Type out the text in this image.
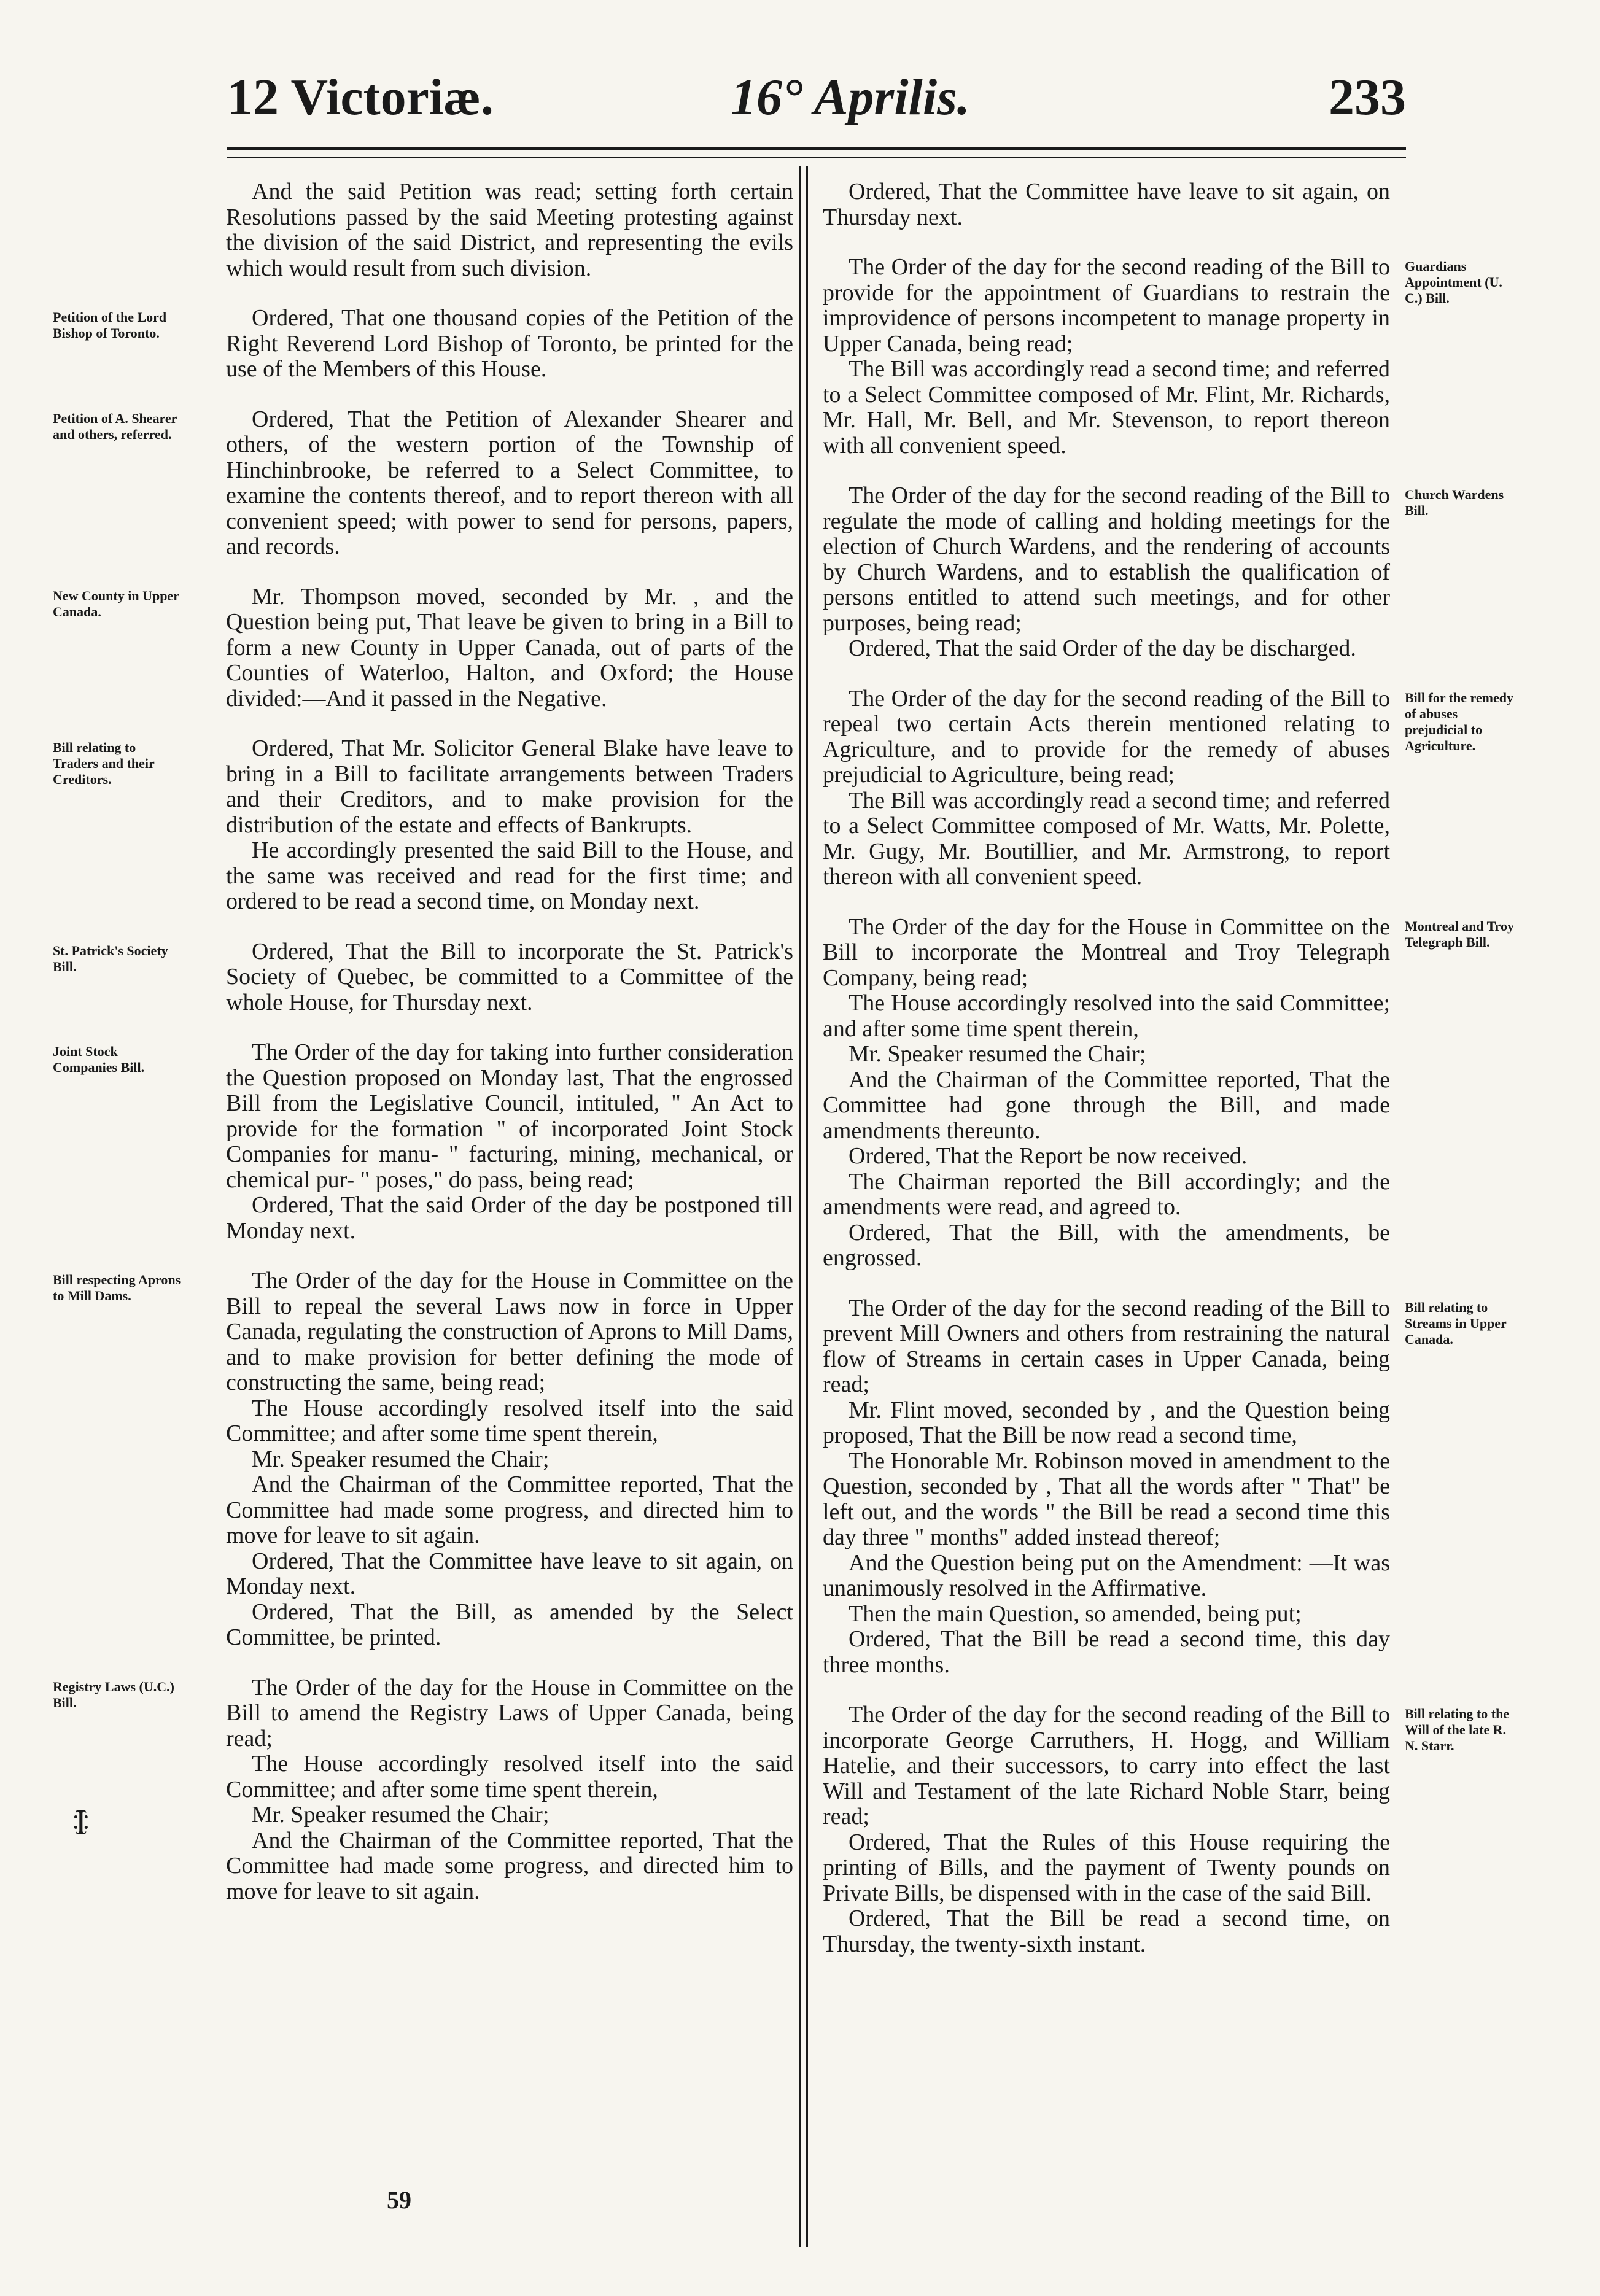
12 Victoriæ.	16° Aprilis.	233
🜌

And the said Petition was read; setting forth certain Resolutions passed by the said Meeting protesting against the division of the said District, and representing the evils which would result from such division.

Petition of the Lord Bishop of Toronto.

Ordered, That one thousand copies of the Petition of the Right Reverend Lord Bishop of Toronto, be printed for the use of the Members of this House.

Petition of A. Shearer and others, referred.

Ordered, That the Petition of Alexander Shearer and others, of the western portion of the Township of Hinchinbrooke, be referred to a Select Committee, to examine the contents thereof, and to report thereon with all convenient speed; with power to send for persons, papers, and records.

New County in Upper Canada.

Mr. Thompson moved, seconded by Mr. , and the Question being put, That leave be given to bring in a Bill to form a new County in Upper Canada, out of parts of the Counties of Waterloo, Halton, and Oxford; the House divided:—And it passed in the Negative.

Bill relating to Traders and their Creditors.

Ordered, That Mr. Solicitor General Blake have leave to bring in a Bill to facilitate arrangements between Traders and their Creditors, and to make provision for the distribution of the estate and effects of Bankrupts.

He accordingly presented the said Bill to the House, and the same was received and read for the first time; and ordered to be read a second time, on Monday next.

St. Patrick's Society Bill.

Ordered, That the Bill to incorporate the St. Patrick's Society of Quebec, be committed to a Committee of the whole House, for Thursday next.

Joint Stock Companies Bill.

The Order of the day for taking into further consideration the Question proposed on Monday last, That the engrossed Bill from the Legislative Council, intituled, " An Act to provide for the formation " of incorporated Joint Stock Companies for manu- " facturing, mining, mechanical, or chemical pur- " poses," do pass, being read;

Ordered, That the said Order of the day be postponed till Monday next.

Bill respecting Aprons to Mill Dams.

The Order of the day for the House in Committee on the Bill to repeal the several Laws now in force in Upper Canada, regulating the construction of Aprons to Mill Dams, and to make provision for better defining the mode of constructing the same, being read;

The House accordingly resolved itself into the said Committee; and after some time spent therein,

Mr. Speaker resumed the Chair;

And the Chairman of the Committee reported, That the Committee had made some progress, and directed him to move for leave to sit again.

Ordered, That the Committee have leave to sit again, on Monday next.

Ordered, That the Bill, as amended by the Select Committee, be printed.

Registry Laws (U.C.) Bill.

The Order of the day for the House in Committee on the Bill to amend the Registry Laws of Upper Canada, being read;

The House accordingly resolved itself into the said Committee; and after some time spent therein,

Mr. Speaker resumed the Chair;

And the Chairman of the Committee reported, That the Committee had made some progress, and directed him to move for leave to sit again.

Ordered, That the Committee have leave to sit again, on Thursday next.

Guardians Appointment (U. C.) Bill.

The Order of the day for the second reading of the Bill to provide for the appointment of Guardians to restrain the improvidence of persons incompetent to manage property in Upper Canada, being read;

The Bill was accordingly read a second time; and referred to a Select Committee composed of Mr. Flint, Mr. Richards, Mr. Hall, Mr. Bell, and Mr. Stevenson, to report thereon with all convenient speed.

Church Wardens Bill.

The Order of the day for the second reading of the Bill to regulate the mode of calling and holding meetings for the election of Church Wardens, and the rendering of accounts by Church Wardens, and to establish the qualification of persons entitled to attend such meetings, and for other purposes, being read;

Ordered, That the said Order of the day be discharged.

Bill for the remedy of abuses prejudicial to Agriculture.

The Order of the day for the second reading of the Bill to repeal two certain Acts therein mentioned relating to Agriculture, and to provide for the remedy of abuses prejudicial to Agriculture, being read;

The Bill was accordingly read a second time; and referred to a Select Committee composed of Mr. Watts, Mr. Polette, Mr. Gugy, Mr. Boutillier, and Mr. Armstrong, to report thereon with all convenient speed.

Montreal and Troy Telegraph Bill.

The Order of the day for the House in Committee on the Bill to incorporate the Montreal and Troy Telegraph Company, being read;

The House accordingly resolved into the said Committee; and after some time spent therein,

Mr. Speaker resumed the Chair;

And the Chairman of the Committee reported, That the Committee had gone through the Bill, and made amendments thereunto.

Ordered, That the Report be now received.

The Chairman reported the Bill accordingly; and the amendments were read, and agreed to.

Ordered, That the Bill, with the amendments, be engrossed.

Bill relating to Streams in Upper Canada.

The Order of the day for the second reading of the Bill to prevent Mill Owners and others from restraining the natural flow of Streams in certain cases in Upper Canada, being read;

Mr. Flint moved, seconded by , and the Question being proposed, That the Bill be now read a second time,

The Honorable Mr. Robinson moved in amendment to the Question, seconded by , That all the words after " That" be left out, and the words " the Bill be read a second time this day three " months" added instead thereof;

And the Question being put on the Amendment: —It was unanimously resolved in the Affirmative.

Then the main Question, so amended, being put;

Ordered, That the Bill be read a second time, this day three months.

Bill relating to the Will of the late R. N. Starr.

The Order of the day for the second reading of the Bill to incorporate George Carruthers, H. Hogg, and William Hatelie, and their successors, to carry into effect the last Will and Testament of the late Richard Noble Starr, being read;

Ordered, That the Rules of this House requiring the printing of Bills, and the payment of Twenty pounds on Private Bills, be dispensed with in the case of the said Bill.

Ordered, That the Bill be read a second time, on Thursday, the twenty-sixth instant.

59
